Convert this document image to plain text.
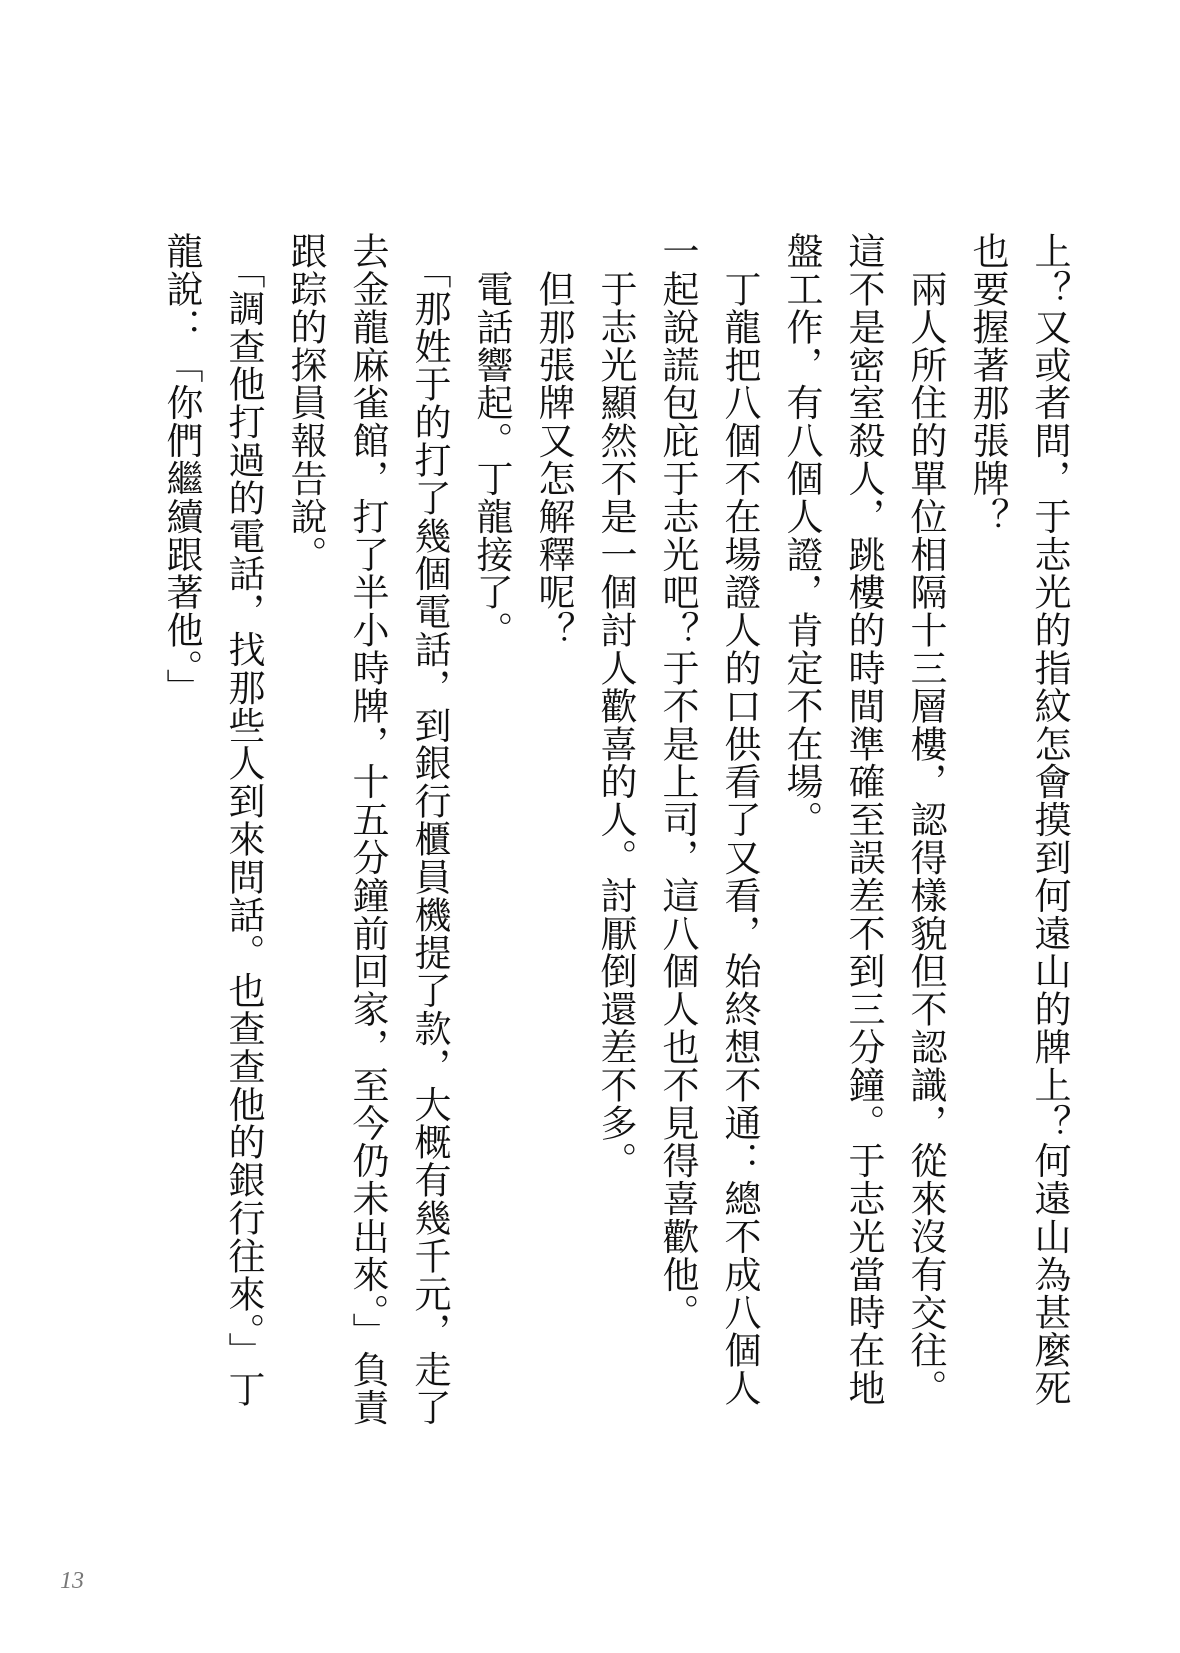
上？又或者問，于志光的指紋怎會摸到何遠山的牌上？何遠山為甚麼死也要握著那張牌？

　兩人所住的單位相隔十三層樓，認得樣貌但不認識，從來沒有交往。這不是密室殺人，跳樓的時間準確至誤差不到三分鐘。于志光當時在地盤工作，有八個人證，肯定不在場。

　丁龍把八個不在場證人的口供看了又看，始終想不通：總不成八個人一起說謊包庇于志光吧？于不是上司，這八個人也不見得喜歡他。

　于志光顯然不是一個討人歡喜的人。討厭倒還差不多。

　但那張牌又怎解釋呢？

　電話響起。丁龍接了。

　「那姓于的打了幾個電話，到銀行櫃員機提了款，大概有幾千元，走了去金龍麻雀館，打了半小時牌，十五分鐘前回家，至今仍未出來。」負責跟踪的探員報告說。

　「調查他打過的電話，找那些人到來問話。也查查他的銀行往來。」丁龍說：「你們繼續跟著他。」

13
